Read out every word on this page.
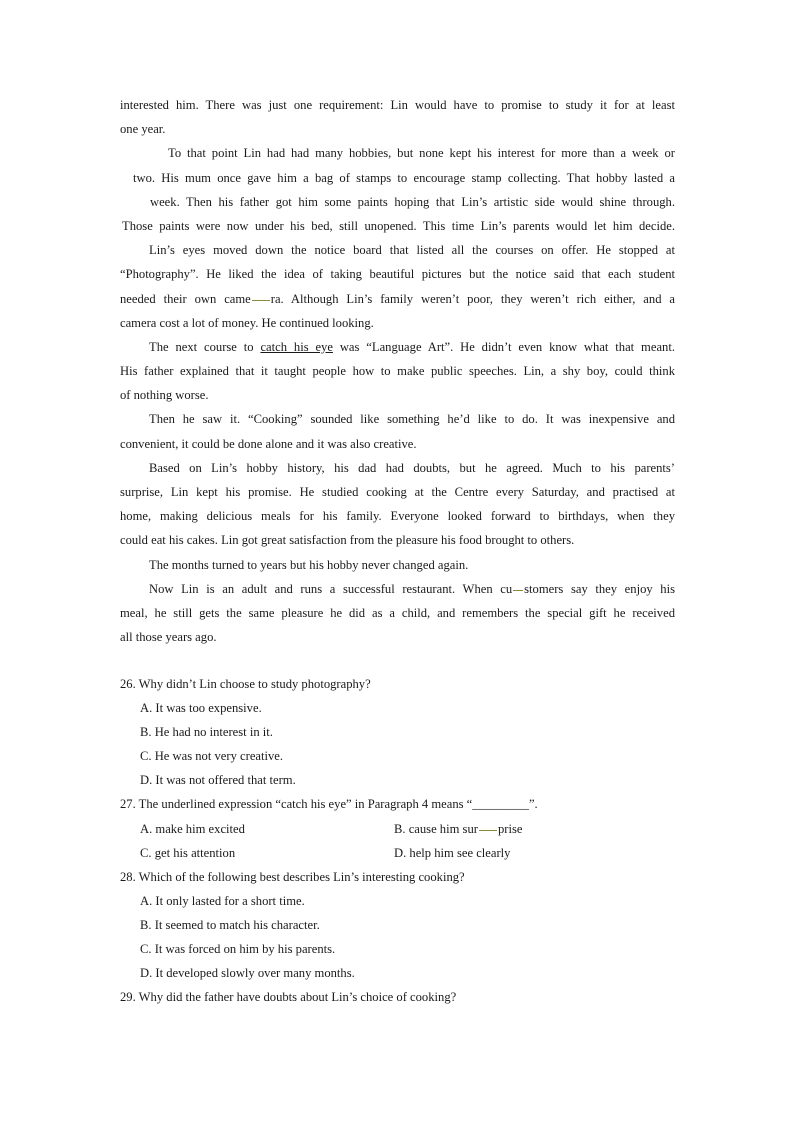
interested him. There was just one requirement: Lin would have to promise to study it for at least
one year.
To that point Lin had had many hobbies, but none kept his interest for more than a week or
two. His mum once gave him a bag of stamps to encourage stamp collecting. That hobby lasted a
week. Then his father got him some paints hoping that Lin’s artistic side would shine through.
Those paints were now under his bed, still unopened. This time Lin’s parents would let him decide.
Lin’s eyes moved down the notice board that listed all the courses on offer. He stopped at
“Photography”. He liked the idea of taking beautiful pictures but the notice said that each student
needed their own came ra. Although Lin’s family weren’t poor, they weren’t rich either, and a
camera cost a lot of money. He continued looking.
The next course to catch his eye was “Language Art”. He didn’t even know what that meant.
His father explained that it taught people how to make public speeches. Lin, a shy boy, could think
of nothing worse.
Then he saw it. “Cooking” sounded like something he’d like to do. It was inexpensive and
convenient, it could be done alone and it was also creative.
Based on Lin’s hobby history, his dad had doubts, but he agreed. Much to his parents’
surprise, Lin kept his promise. He studied cooking at the Centre every Saturday, and practised at
home, making delicious meals for his family. Everyone looked forward to birthdays, when they
could eat his cakes. Lin got great satisfaction from the pleasure his food brought to others.
The months turned to years but his hobby never changed again.
Now Lin is an adult and runs a successful restaurant. When cu stomers say they enjoy his
meal, he still gets the same pleasure he did as a child, and remembers the special gift he received
all those years ago.
26. Why didn’t Lin choose to study photography?
A. It was too expensive.
B. He had no interest in it.
C. He was not very creative.
D. It was not offered that term.
27. The underlined expression “catch his eye” in Paragraph 4 means “_________”.
A. make him excited	B. cause him sur prise
C. get his attention	D. help him see clearly
28. Which of the following best describes Lin’s interesting cooking?
A. It only lasted for a short time.
B. It seemed to match his character.
C. It was forced on him by his parents.
D. It developed slowly over many months.
29. Why did the father have doubts about Lin’s choice of cooking?
